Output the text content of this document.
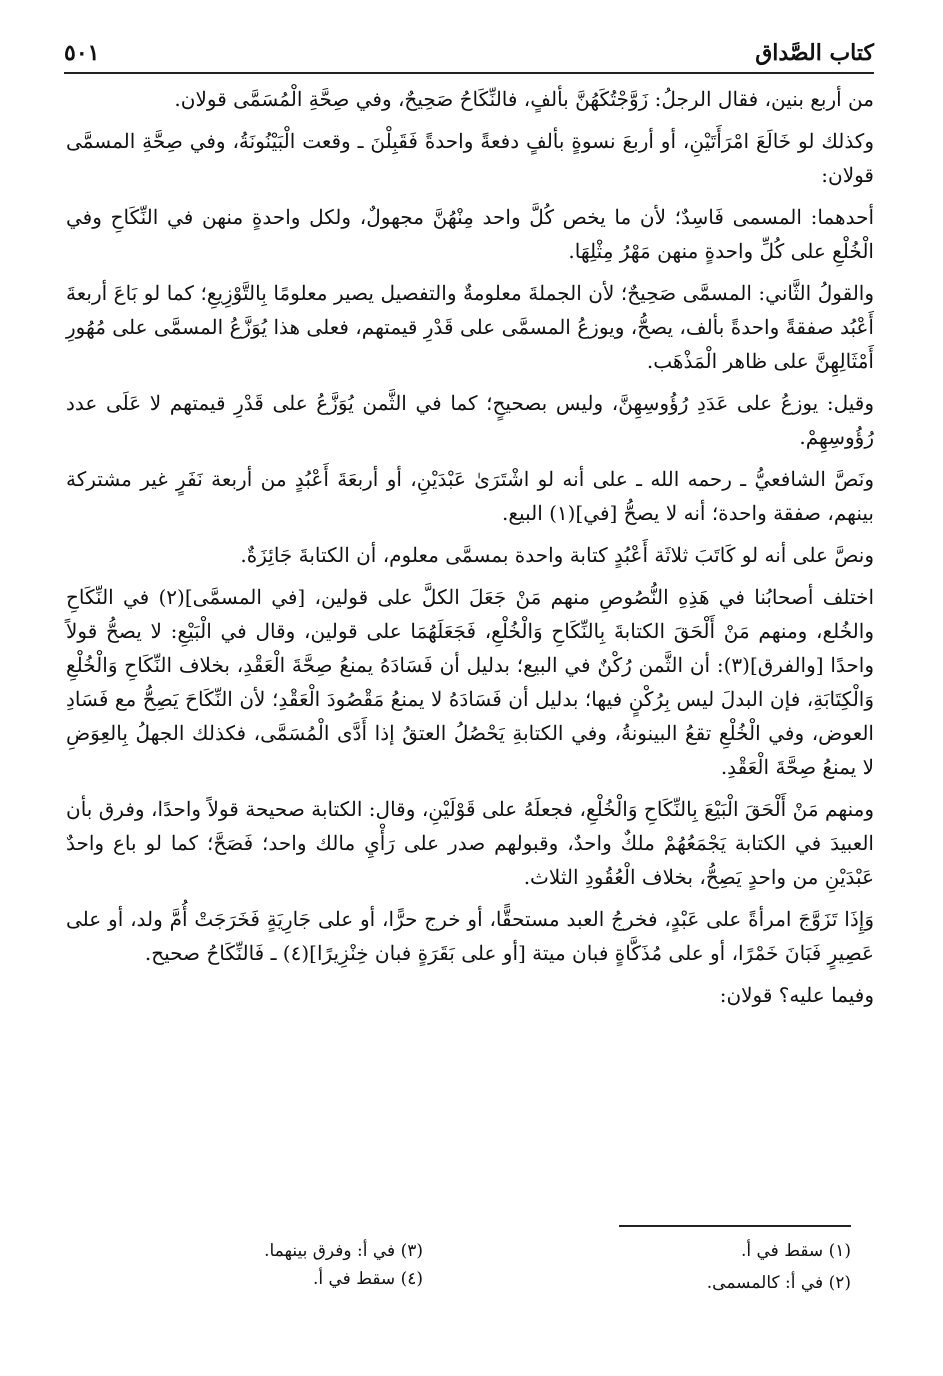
كتاب الصَّداق
٥٠١

من أربع بنين، فقال الرجلُ: زَوَّجْتُكَهُنَّ بألفٍ، فالنِّكَاحُ صَحِيحٌ، وفي صِحَّةِ الْمُسَمَّى قولان.

وكذلك لو خَالَعَ امْرَأَتَيْنِ، أو أربعَ نسوةٍ بألفٍ دفعةً واحدةً فَقَبِلْنَ ـ وقعت الْبَيْنُونَةُ، وفي صِحَّةِ المسمَّى قولان:

أحدهما: المسمى فَاسِدٌ؛ لأن ما يخص كُلَّ واحد مِنْهُنَّ مجهولٌ، ولكل واحدةٍ منهن في النِّكَاحِ وفي الْخُلْعِ على كُلِّ واحدةٍ منهن مَهْرُ مِثْلِهَا.

والقولُ الثَّاني: المسمَّى صَحِيحٌ؛ لأن الجملةَ معلومةٌ والتفصيل يصير معلومًا بِالتَّوْزِيعِ؛ كما لو بَاعَ أربعةَ أَعْبُد صفقةً واحدةً بألف، يصحُّ، ويوزعُ المسمَّى على قَدْرِ قيمتهم، فعلى هذا يُوَزَّعُ المسمَّى على مُهُورِ أَمْثَالِهِنَّ على ظاهر الْمَذْهَب.

وقيل: يوزعُ على عَدَدِ رُؤُوسِهِنَّ، وليس بصحيحٍ؛ كما في الثَّمن يُوَزَّعُ على قَدْرِ قيمتهم لا عَلَى عدد رُؤُوسِهِمْ.

ونَصَّ الشافعيُّ ـ رحمه الله ـ على أنه لو اشْتَرَىٰ عَبْدَيْنِ، أو أربعَةَ أَعْبُدٍ من أربعة نَفَرٍ غير مشتركة بينهم، صفقة واحدة؛ أنه لا يصحُّ [في](١) البيع.

ونصَّ على أنه لو كَاتَبَ ثلاثَة أَعْبُدٍ كتابة واحدة بمسمَّى معلوم، أن الكتابةَ جَائِزَةٌ.

اختلف أصحابُنا في هَذِهِ النُّصُوصِ منهم مَنْ جَعَلَ الكلَّ على قولين، [في المسمَّى](٢) في النِّكَاحِ والخُلع، ومنهم مَنْ أَلْحَقَ الكتابةَ بِالنِّكَاحِ وَالْخُلْعِ، فَجَعَلَهُمَا على قولين، وقال في الْبَيْعِ: لا يصحُّ قولاً واحدًا [والفرق](٣): أن الثَّمن رُكْنٌ في البيع؛ بدليل أن فَسَادَهُ يمنعُ صِحَّةَ الْعَقْدِ، بخلاف النِّكَاحِ وَالْخُلْعِ وَالْكِتَابَةِ، فإن البدلَ ليس بِرُكْنٍ فيها؛ بدليل أن فَسَادَهُ لا يمنعُ مَقْصُودَ الْعَقْدِ؛ لأن النِّكَاحَ يَصِحُّ مع فَسَادِ العوض، وفي الْخُلْعِ تقعُ البينونةُ، وفي الكتابةِ يَحْصُلُ العتقُ إذا أَدَّى الْمُسَمَّى، فكذلك الجهلُ بِالعِوَضِ لا يمنعُ صِحَّةَ الْعَقْدِ.

ومنهم مَنْ أَلْحَقَ الْبَيْعَ بِالنِّكَاحِ وَالْخُلْعِ، فجعلَهُ على قَوْلَيْنِ، وقال: الكتابة صحيحة قولاً واحدًا، وفرق بأن العبيدَ في الكتابة يَجْمَعُهُمْ ملكٌ واحدٌ، وقبولهم صدر على رَأْيِ مالك واحد؛ فَصَحَّ؛ كما لو باع واحدٌ عَبْدَيْنِ من واحدٍ يَصِحُّ، بخلاف الْعُقُودِ الثلاث.

وَإِذَا تَزَوَّجَ امرأةً على عَبْدٍ، فخرجُ العبد مستحقًّا، أو خرج حرًّا، أو على جَارِيَةٍ فَخَرَجَتْ أُمَّ ولد، أو على عَصِيرٍ فَبَانَ خَمْرًا، أو على مُذَكَّاةٍ فبان ميتة [أو على بَقَرَةٍ فبان خِنْزِيرًا](٤) ـ فَالنِّكَاحُ صحيح.

وفيما عليه؟ قولان:

(١) سقط في أ.
(٢) في أ: كالمسمى.
(٣) في أ: وفرق بينهما.
(٤) سقط في أ.
